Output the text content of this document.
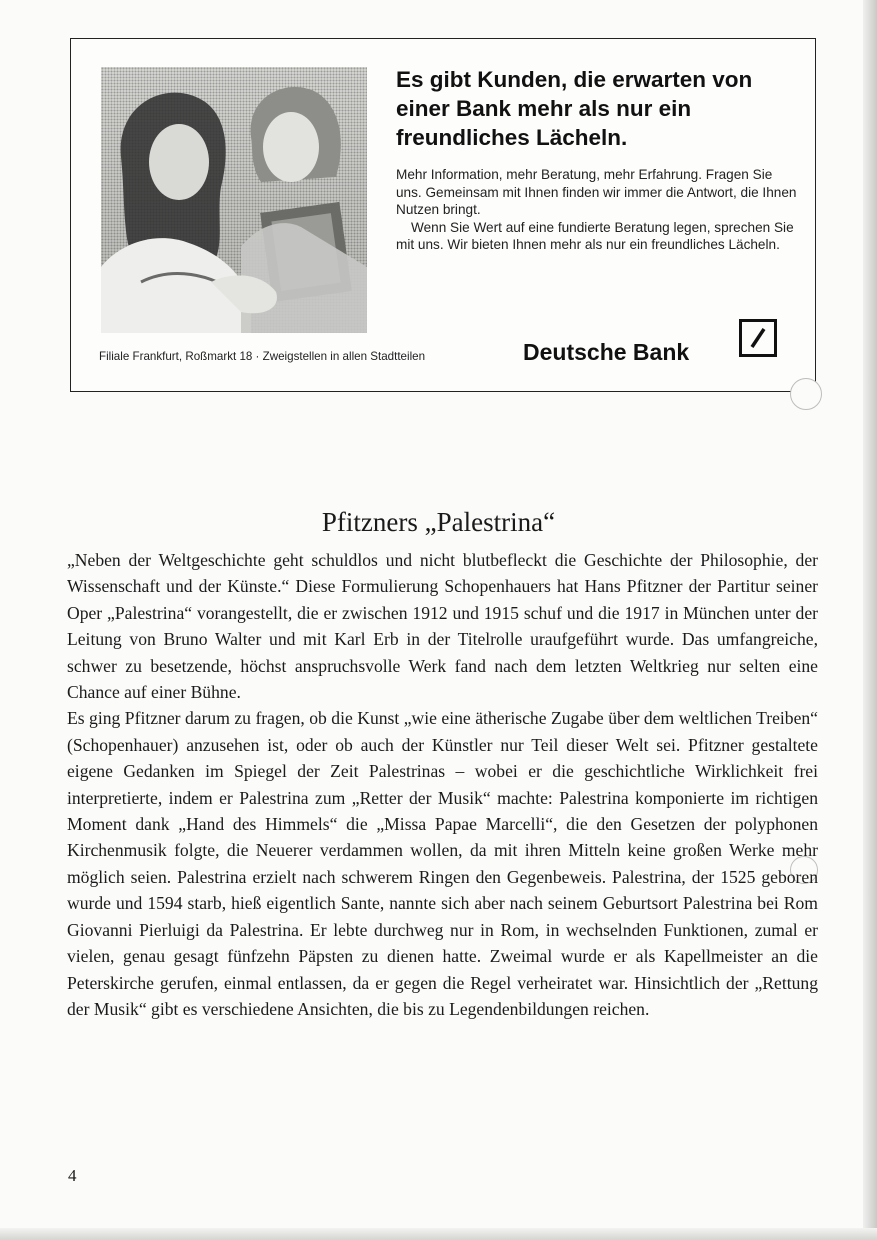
Es gibt Kunden, die erwarten von einer Bank mehr als nur ein freundliches Lächeln.

Mehr Information, mehr Beratung, mehr Erfahrung. Fragen Sie uns. Gemeinsam mit Ihnen finden wir immer die Antwort, die Ihnen Nutzen bringt.

Wenn Sie Wert auf eine fundierte Beratung legen, sprechen Sie mit uns. Wir bieten Ihnen mehr als nur ein freundliches Lächeln.

Filiale Frankfurt, Roßmarkt 18 · Zweigstellen in allen Stadtteilen	Deutsche Bank
Pfitzners „Palestrina“

„Neben der Weltgeschichte geht schuldlos und nicht blutbefleckt die Geschichte der Philosophie, der Wissenschaft und der Künste.“ Diese Formulierung Schopenhauers hat Hans Pfitzner der Partitur seiner Oper „Palestrina“ vorangestellt, die er zwischen 1912 und 1915 schuf und die 1917 in München unter der Leitung von Bruno Walter und mit Karl Erb in der Titelrolle uraufgeführt wurde. Das umfangreiche, schwer zu besetzende, höchst anspruchsvolle Werk fand nach dem letzten Weltkrieg nur selten eine Chance auf einer Bühne.

Es ging Pfitzner darum zu fragen, ob die Kunst „wie eine ätherische Zugabe über dem weltlichen Treiben“ (Schopenhauer) anzusehen ist, oder ob auch der Künstler nur Teil dieser Welt sei. Pfitzner gestaltete eigene Gedanken im Spiegel der Zeit Palestrinas – wobei er die geschichtliche Wirklichkeit frei interpretierte, indem er Palestrina zum „Retter der Musik“ machte: Palestrina komponierte im richtigen Moment dank „Hand des Himmels“ die „Missa Papae Marcelli“, die den Gesetzen der polyphonen Kirchenmusik folgte, die Neuerer verdammen wollen, da mit ihren Mitteln keine großen Werke mehr möglich seien. Palestrina erzielt nach schwerem Ringen den Gegenbeweis. Palestrina, der 1525 geboren wurde und 1594 starb, hieß eigentlich Sante, nannte sich aber nach seinem Geburtsort Palestrina bei Rom Giovanni Pierluigi da Palestrina. Er lebte durchweg nur in Rom, in wechselnden Funktionen, zumal er vielen, genau gesagt fünfzehn Päpsten zu dienen hatte. Zweimal wurde er als Kapellmeister an die Peterskirche gerufen, einmal entlassen, da er gegen die Regel verheiratet war. Hinsichtlich der „Rettung der Musik“ gibt es verschiedene Ansichten, die bis zu Legendenbildungen reichen.

4
